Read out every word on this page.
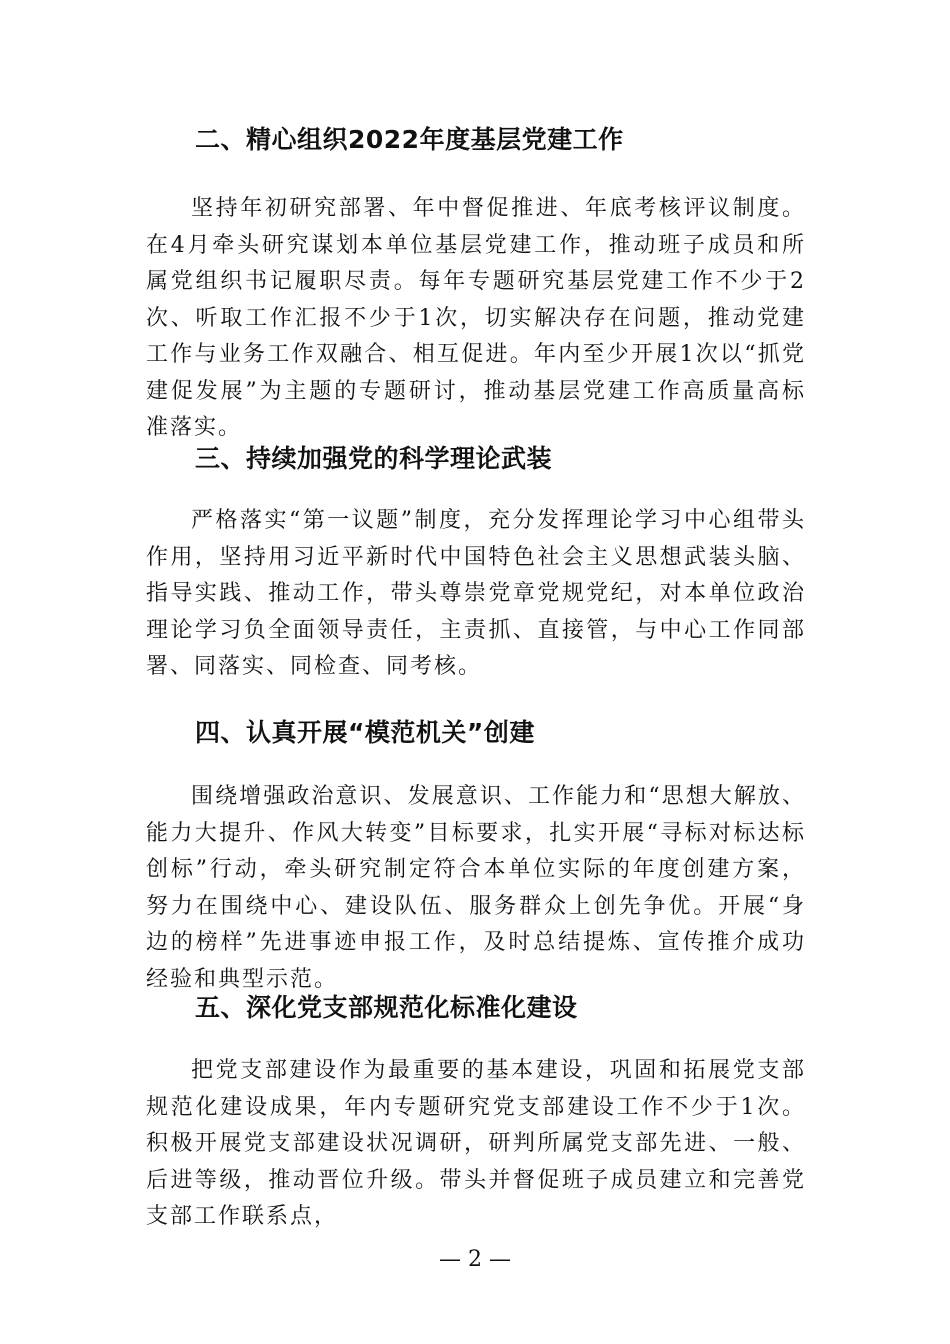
二、精心组织2022年度基层党建工作

坚持年初研究部署、年中督促推进、年底考核评议制度。在4月牵头研究谋划本单位基层党建工作，推动班子成员和所属党组织书记履职尽责。每年专题研究基层党建工作不少于2次、听取工作汇报不少于1次，切实解决存在问题，推动党建工作与业务工作双融合、相互促进。年内至少开展1次以“抓党建促发展”为主题的专题研讨，推动基层党建工作高质量高标准落实。

三、持续加强党的科学理论武装

严格落实“第一议题”制度，充分发挥理论学习中心组带头作用，坚持用习近平新时代中国特色社会主义思想武装头脑、指导实践、推动工作，带头尊崇党章党规党纪，对本单位政治理论学习负全面领导责任，主责抓、直接管，与中心工作同部署、同落实、同检查、同考核。

四、认真开展“模范机关”创建

围绕增强政治意识、发展意识、工作能力和“思想大解放、能力大提升、作风大转变”目标要求，扎实开展“寻标对标达标创标”行动，牵头研究制定符合本单位实际的年度创建方案，努力在围绕中心、建设队伍、服务群众上创先争优。开展“身边的榜样”先进事迹申报工作，及时总结提炼、宣传推介成功经验和典型示范。

五、深化党支部规范化标准化建设

把党支部建设作为最重要的基本建设，巩固和拓展党支部规范化建设成果，年内专题研究党支部建设工作不少于1次。积极开展党支部建设状况调研，研判所属党支部先进、一般、后进等级，推动晋位升级。带头并督促班子成员建立和完善党支部工作联系点，

— 2 —
